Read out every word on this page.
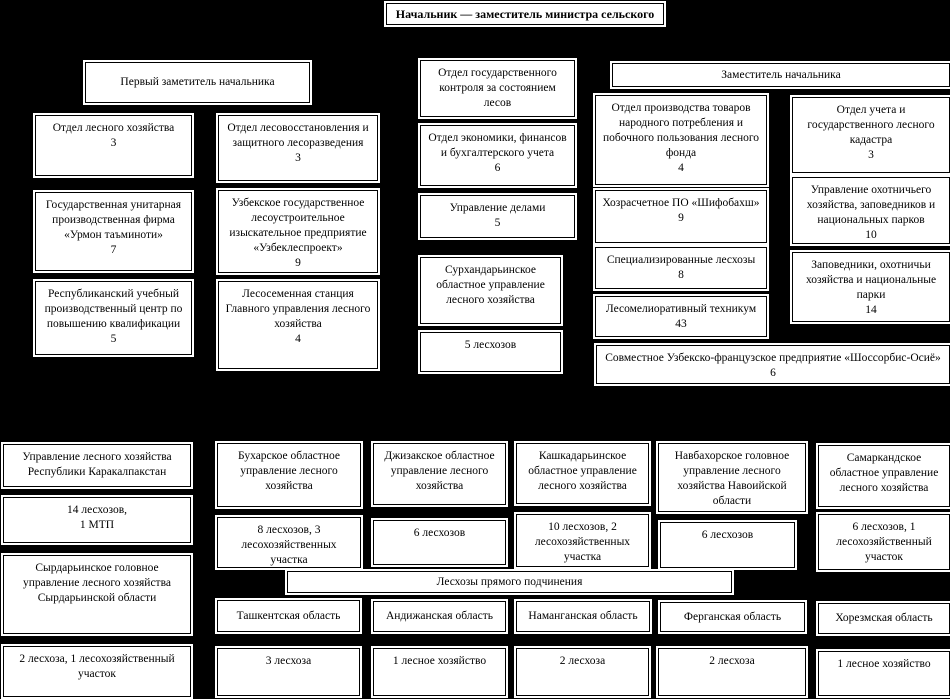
Начальник — заместитель министра сельского
Первый заметитель начальника
Отдел лесного хозяйства
3
Отдел лесовосстановления и защитного лесоразведения
3
Государственная унитарная производственная фирма «Урмон таъминоти»
7
Узбекское государственное лесоустроительное изыскательное предприятие «Узбеклеспроект»
9
Республиканский учебный производственный центр по повышению квалификации
5
Лесосеменная станция Главного управления лесного хозяйства
4
Отдел государственного контроля за состоянием лесов
Отдел экономики, финансов и бухгалтерского учета
6
Управление делами
5
Сурхандарьинское областное управление лесного хозяйства
5 лесхозов
Заместитель начальника
Отдел производства товаров народного потребления и побочного пользования лесного фонда
4
Хозрасчетное ПО «Шифобахш»
9
Специализированные лесхозы
8
Лесомелиоративный техникум
43
Отдел учета и государственного лесного кадастра
3
Управление охотничьего хозяйства, заповедников и национальных парков
10
Заповедники, охотничьи хозяйства и национальные парки
14
Совместное Узбекско-французское предприятие «Шоссорбис-Осиё»
6
Управление лесного хозяйства Республики Каракалпакстан
14 лесхозов,
1 МТП
Сырдарьинское головное управление лесного хозяйства Сырдарьинской области
2 лесхоза, 1 лесохозяйственный участок
Бухарское областное управление лесного хозяйства
Джизакское областное управление лесного хозяйства
Кашкадарьинское областное управление лесного хозяйства
Навбахорское головное управление лесного хозяйства Навоийской области
Самаркандское областное управление лесного хозяйства
8 лесхозов, 3 лесохозяйственных участка
6 лесхозов	10 лесхозов, 2 лесохозяйственных участка
6 лесхозов
6 лесхозов, 1 лесохозяйственный участок
Лесхозы прямого подчинения
Ташкентская область	Андижанская область	Наманганская область	Ферганская область	Хорезмская область
3 лесхоза	1 лесное хозяйство	2 лесхоза	2 лесхоза	1 лесное хозяйство
